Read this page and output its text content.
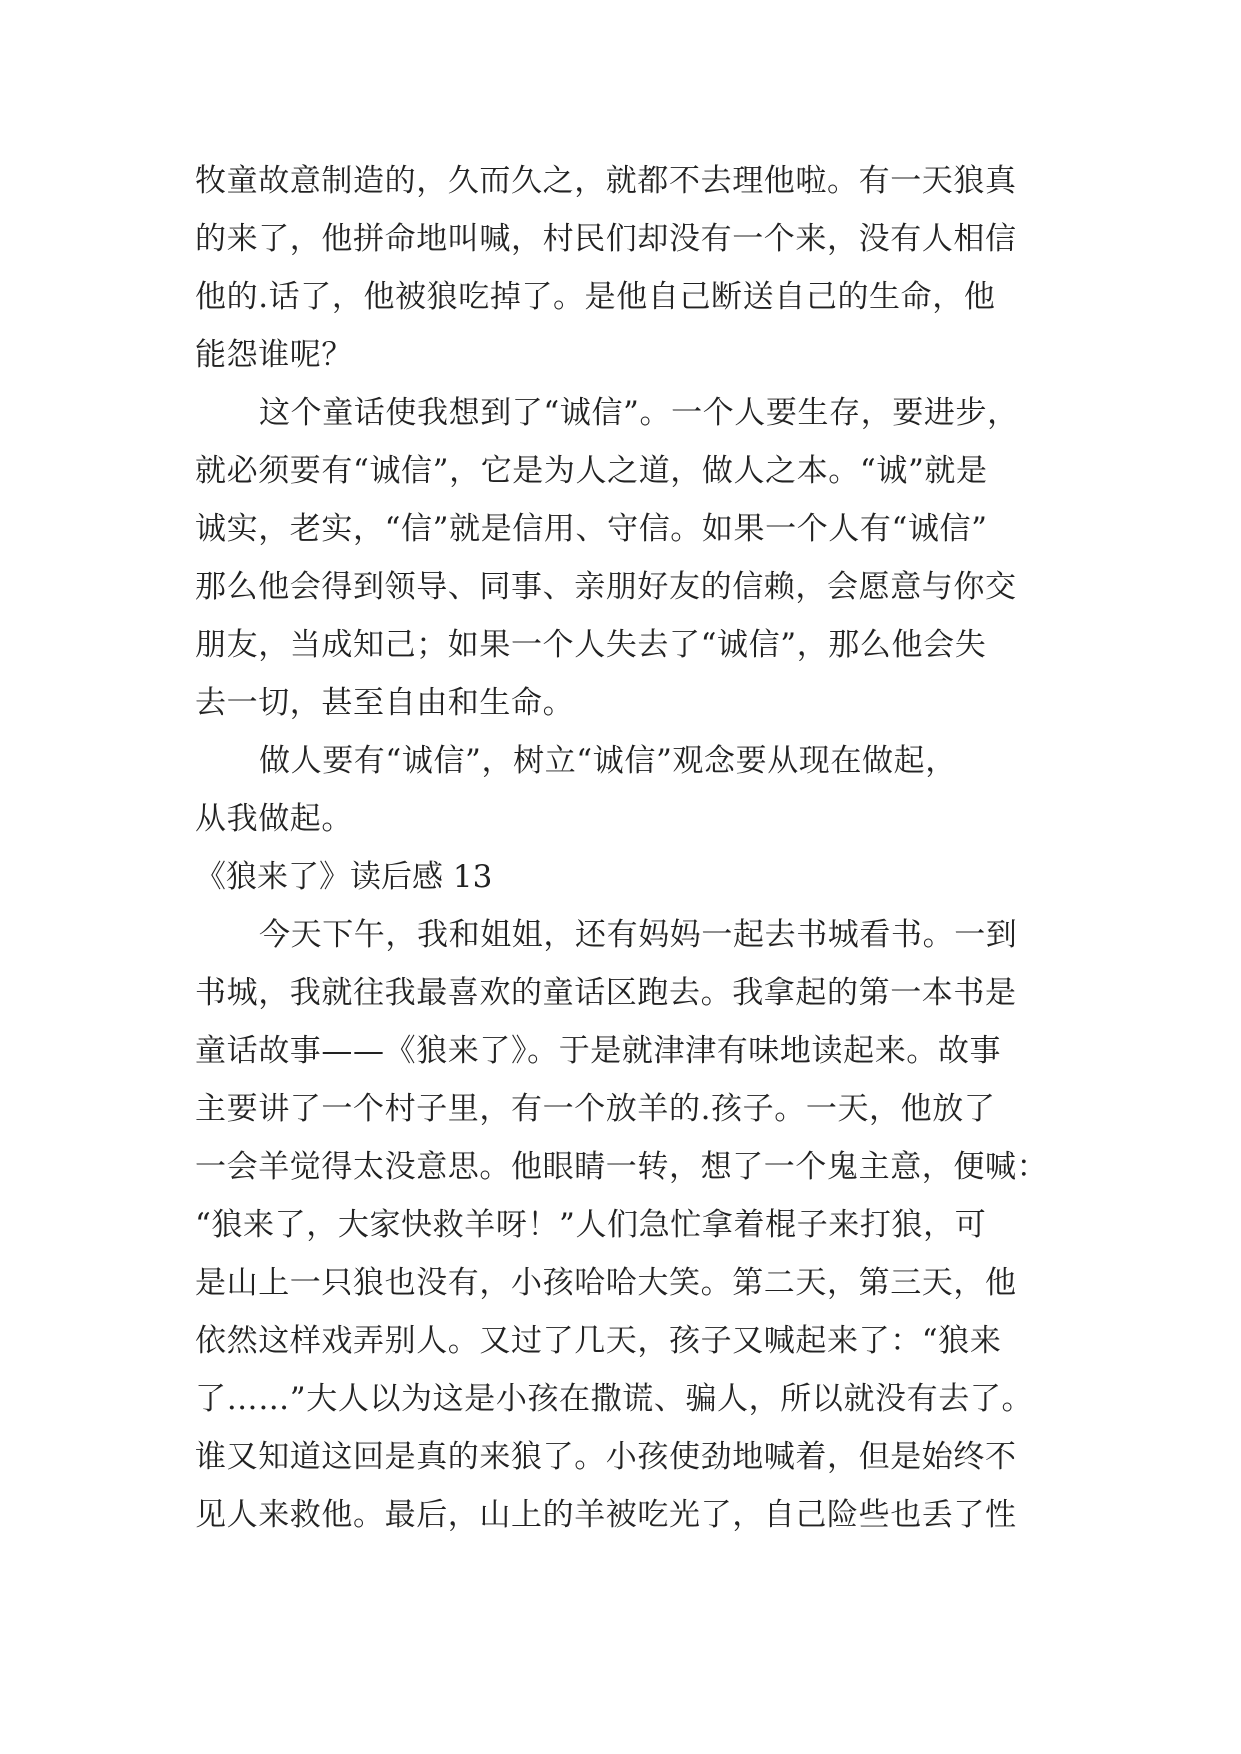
牧童故意制造的，久而久之，就都不去理他啦。有一天狼真
的来了，他拼命地叫喊，村民们却没有一个来，没有人相信
他的.话了，他被狼吃掉了。是他自己断送自己的生命，他
能怨谁呢？
这个童话使我想到了“诚信”。一个人要生存，要进步，
就必须要有“诚信”，它是为人之道，做人之本。“诚”就是
诚实，老实，“信”就是信用、守信。如果一个人有“诚信”
那么他会得到领导、同事、亲朋好友的信赖，会愿意与你交
朋友，当成知己；如果一个人失去了“诚信”，那么他会失
去一切，甚至自由和生命。
做人要有“诚信”，树立“诚信”观念要从现在做起，
从我做起。
《狼来了》读后感 13
今天下午，我和姐姐，还有妈妈一起去书城看书。一到
书城，我就往我最喜欢的童话区跑去。我拿起的第一本书是
童话故事——《狼来了》。于是就津津有味地读起来。故事
主要讲了一个村子里，有一个放羊的.孩子。一天，他放了
一会羊觉得太没意思。他眼睛一转，想了一个鬼主意，便喊：
“狼来了，大家快救羊呀！”人们急忙拿着棍子来打狼，可
是山上一只狼也没有，小孩哈哈大笑。第二天，第三天，他
依然这样戏弄别人。又过了几天，孩子又喊起来了：“狼来
了……”大人以为这是小孩在撒谎、骗人，所以就没有去了。
谁又知道这回是真的来狼了。小孩使劲地喊着，但是始终不
见人来救他。最后，山上的羊被吃光了，自己险些也丢了性
